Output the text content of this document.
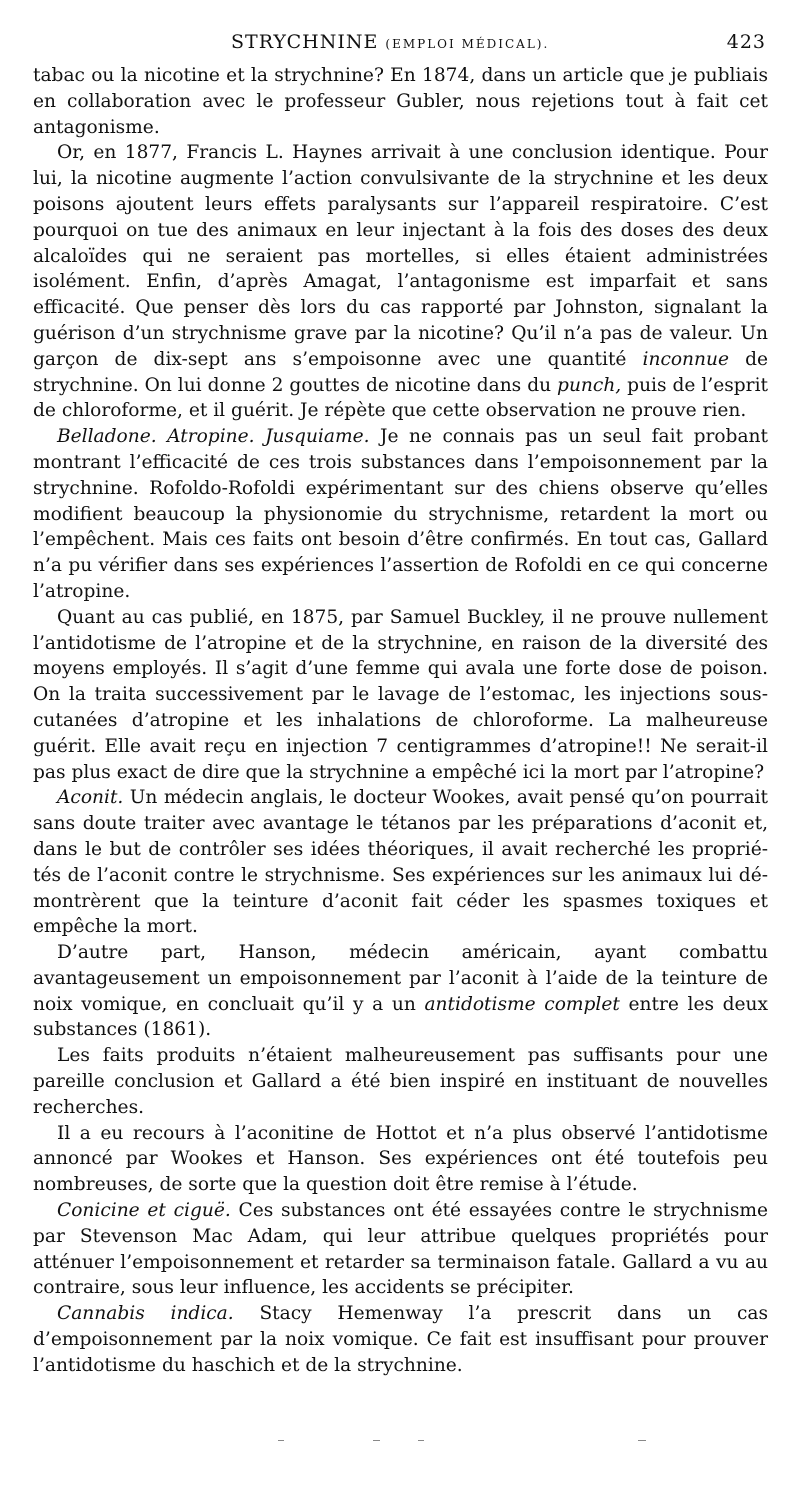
STRYCHNINE (EMPLOI MÉDICAL).	423

tabac ou la nicotine et la strychnine? En 1874, dans un article que je publiais en collaboration avec le professeur Gubler, nous rejetions tout à fait cet antagonisme.

Or, en 1877, Francis L. Haynes arrivait à une conclusion identique. Pour lui, la nicotine augmente l’action convulsivante de la strychnine et les deux poisons ajoutent leurs effets paralysants sur l’appareil respiratoire. C’est pourquoi on tue des animaux en leur injectant à la fois des doses des deux alcaloïdes qui ne seraient pas mortelles, si elles étaient administrées isolément. Enfin, d’après Amagat, l’antagonisme est imparfait et sans efficacité. Que penser dès lors du cas rapporté par Johnston, signalant la guérison d’un strychnisme grave par la nicotine? Qu’il n’a pas de valeur. Un garçon de dix-sept ans s’empoisonne avec une quantité inconnue de strychnine. On lui donne 2 gouttes de nicotine dans du punch, puis de l’esprit de chloroforme, et il guérit. Je répète que cette observation ne prouve rien.

Belladone. Atropine. Jusquiame. Je ne connais pas un seul fait probant montrant l’efficacité de ces trois substances dans l’empoisonnement par la strychnine. Rofoldo-Rofoldi expérimentant sur des chiens observe qu’elles modifient beaucoup la physionomie du strychnisme, retardent la mort ou l’empêchent. Mais ces faits ont besoin d’être confirmés. En tout cas, Gallard n’a pu vérifier dans ses expériences l’assertion de Rofoldi en ce qui concerne l’atropine.

Quant au cas publié, en 1875, par Samuel Buckley, il ne prouve nullement l’antidotisme de l’atropine et de la strychnine, en raison de la diversité des moyens employés. Il s’agit d’une femme qui avala une forte dose de poison. On la traita successivement par le lavage de l’estomac, les injections sous-cutanées d’atropine et les inhalations de chloroforme. La malheureuse guérit. Elle avait reçu en injection 7 centigrammes d’atropine!! Ne serait-il pas plus exact de dire que la strychnine a empêché ici la mort par l’atropine?

Aconit. Un médecin anglais, le docteur Wookes, avait pensé qu’on pourrait sans doute traiter avec avantage le tétanos par les préparations d’aconit et, dans le but de contrôler ses idées théoriques, il avait recherché les proprié-tés de l’aconit contre le strychnisme. Ses expériences sur les animaux lui dé-montrèrent que la teinture d’aconit fait céder les spasmes toxiques et empêche la mort.

D’autre part, Hanson, médecin américain, ayant combattu avantageusement un empoisonnement par l’aconit à l’aide de la teinture de noix vomique, en concluait qu’il y a un antidotisme complet entre les deux substances (1861).

Les faits produits n’étaient malheureusement pas suffisants pour une pareille conclusion et Gallard a été bien inspiré en instituant de nouvelles recherches.

Il a eu recours à l’aconitine de Hottot et n’a plus observé l’antidotisme annoncé par Wookes et Hanson. Ses expériences ont été toutefois peu nombreuses, de sorte que la question doit être remise à l’étude.

Conicine et ciguë. Ces substances ont été essayées contre le strychnisme par Stevenson Mac Adam, qui leur attribue quelques propriétés pour atténuer l’empoisonnement et retarder sa terminaison fatale. Gallard a vu au contraire, sous leur influence, les accidents se précipiter.

Cannabis indica. Stacy Hemenway l’a prescrit dans un cas d’empoisonnement par la noix vomique. Ce fait est insuffisant pour prouver l’antidotisme du haschich et de la strychnine.
